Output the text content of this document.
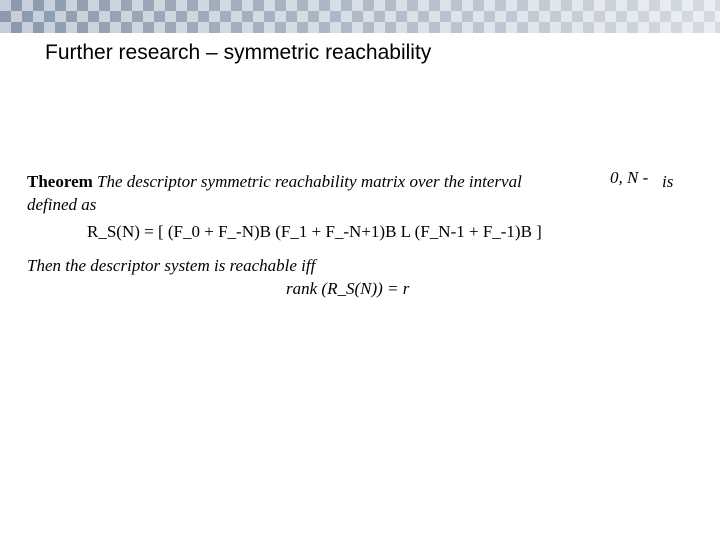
Further research – symmetric reachability
Theorem The descriptor symmetric reachability matrix over the interval	0, N - is
defined as
R_S(N) = [ (F_0 + F_-N)B (F_1 + F_-N+1)B L (F_N-1 + F_-1)B ]
Then the descriptor system is reachable iff
rank (R_S(N)) = r
